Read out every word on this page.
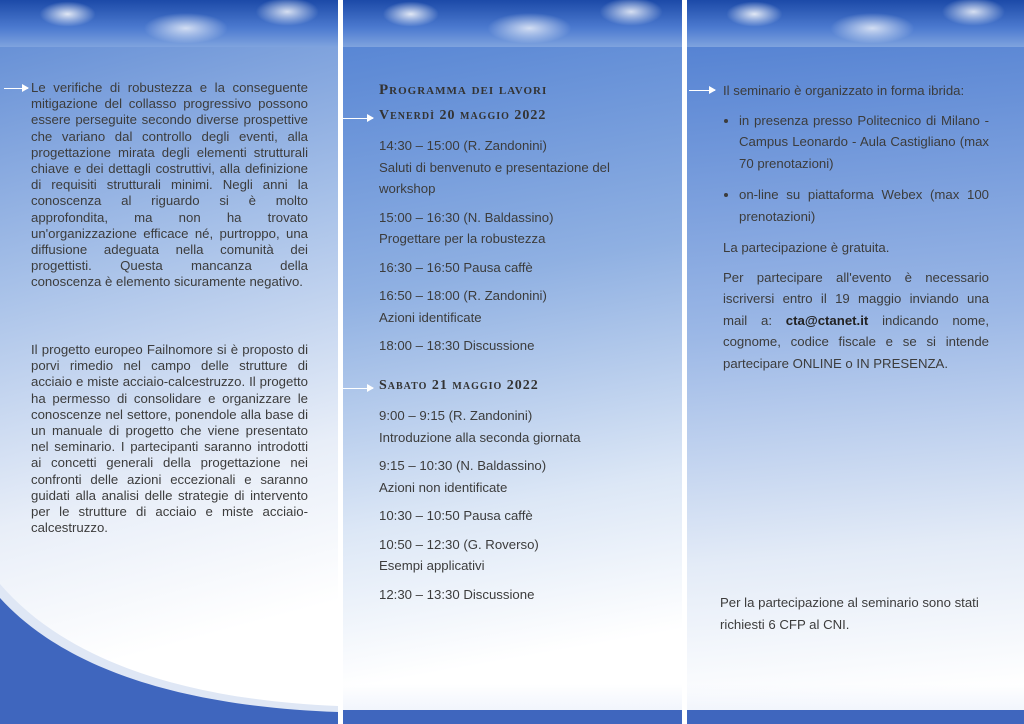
Le verifiche di robustezza e la conseguente mitigazione del collasso progressivo possono essere perseguite secondo diverse prospettive che variano dal controllo degli eventi, alla progettazione mirata degli elementi strutturali chiave e dei dettagli costruttivi, alla definizione di requisiti strutturali minimi. Negli anni la conoscenza al riguardo si è molto approfondita, ma non ha trovato un'organizzazione efficace né, purtroppo, una diffusione adeguata nella comunità dei progettisti. Questa mancanza della conoscenza è elemento sicuramente negativo.
Il progetto europeo Failnomore si è proposto di porvi rimedio nel campo delle strutture di acciaio e miste acciaio-calcestruzzo. Il progetto ha permesso di consolidare e organizzare le conoscenze nel settore, ponendole alla base di un manuale di progetto che viene presentato nel seminario. I partecipanti saranno introdotti ai concetti generali della progettazione nei confronti delle azioni eccezionali e saranno guidati alla analisi delle strategie di intervento per le strutture di acciaio e miste acciaio-calcestruzzo.
Programma dei lavori
Venerdì 20 maggio 2022

14:30 – 15:00 (R. Zandonini)
Saluti di benvenuto e presentazione del workshop

15:00 – 16:30 (N. Baldassino)
Progettare per la robustezza

16:30 – 16:50 Pausa caffè

16:50 – 18:00 (R. Zandonini)
Azioni identificate

18:00 – 18:30 Discussione

Sabato 21 maggio 2022

9:00 – 9:15 (R. Zandonini)
Introduzione alla seconda giornata

9:15 – 10:30 (N. Baldassino)
Azioni non identificate

10:30 – 10:50 Pausa caffè

10:50 – 12:30 (G. Roverso)
Esempi applicativi

12:30 – 13:30 Discussione

Il seminario è organizzato in forma ibrida:

• in presenza presso Politecnico di Milano - Campus Leonardo - Aula Castigliano (max 70 prenotazioni)
• on-line su piattaforma Webex (max 100 prenotazioni)

La partecipazione è gratuita.

Per partecipare all'evento è necessario iscriversi entro il 19 maggio inviando una mail a: cta@ctanet.it indicando nome, cognome, codice fiscale e se si intende partecipare ONLINE o IN PRESENZA.

Per la partecipazione al seminario sono stati richiesti 6 CFP al CNI.
